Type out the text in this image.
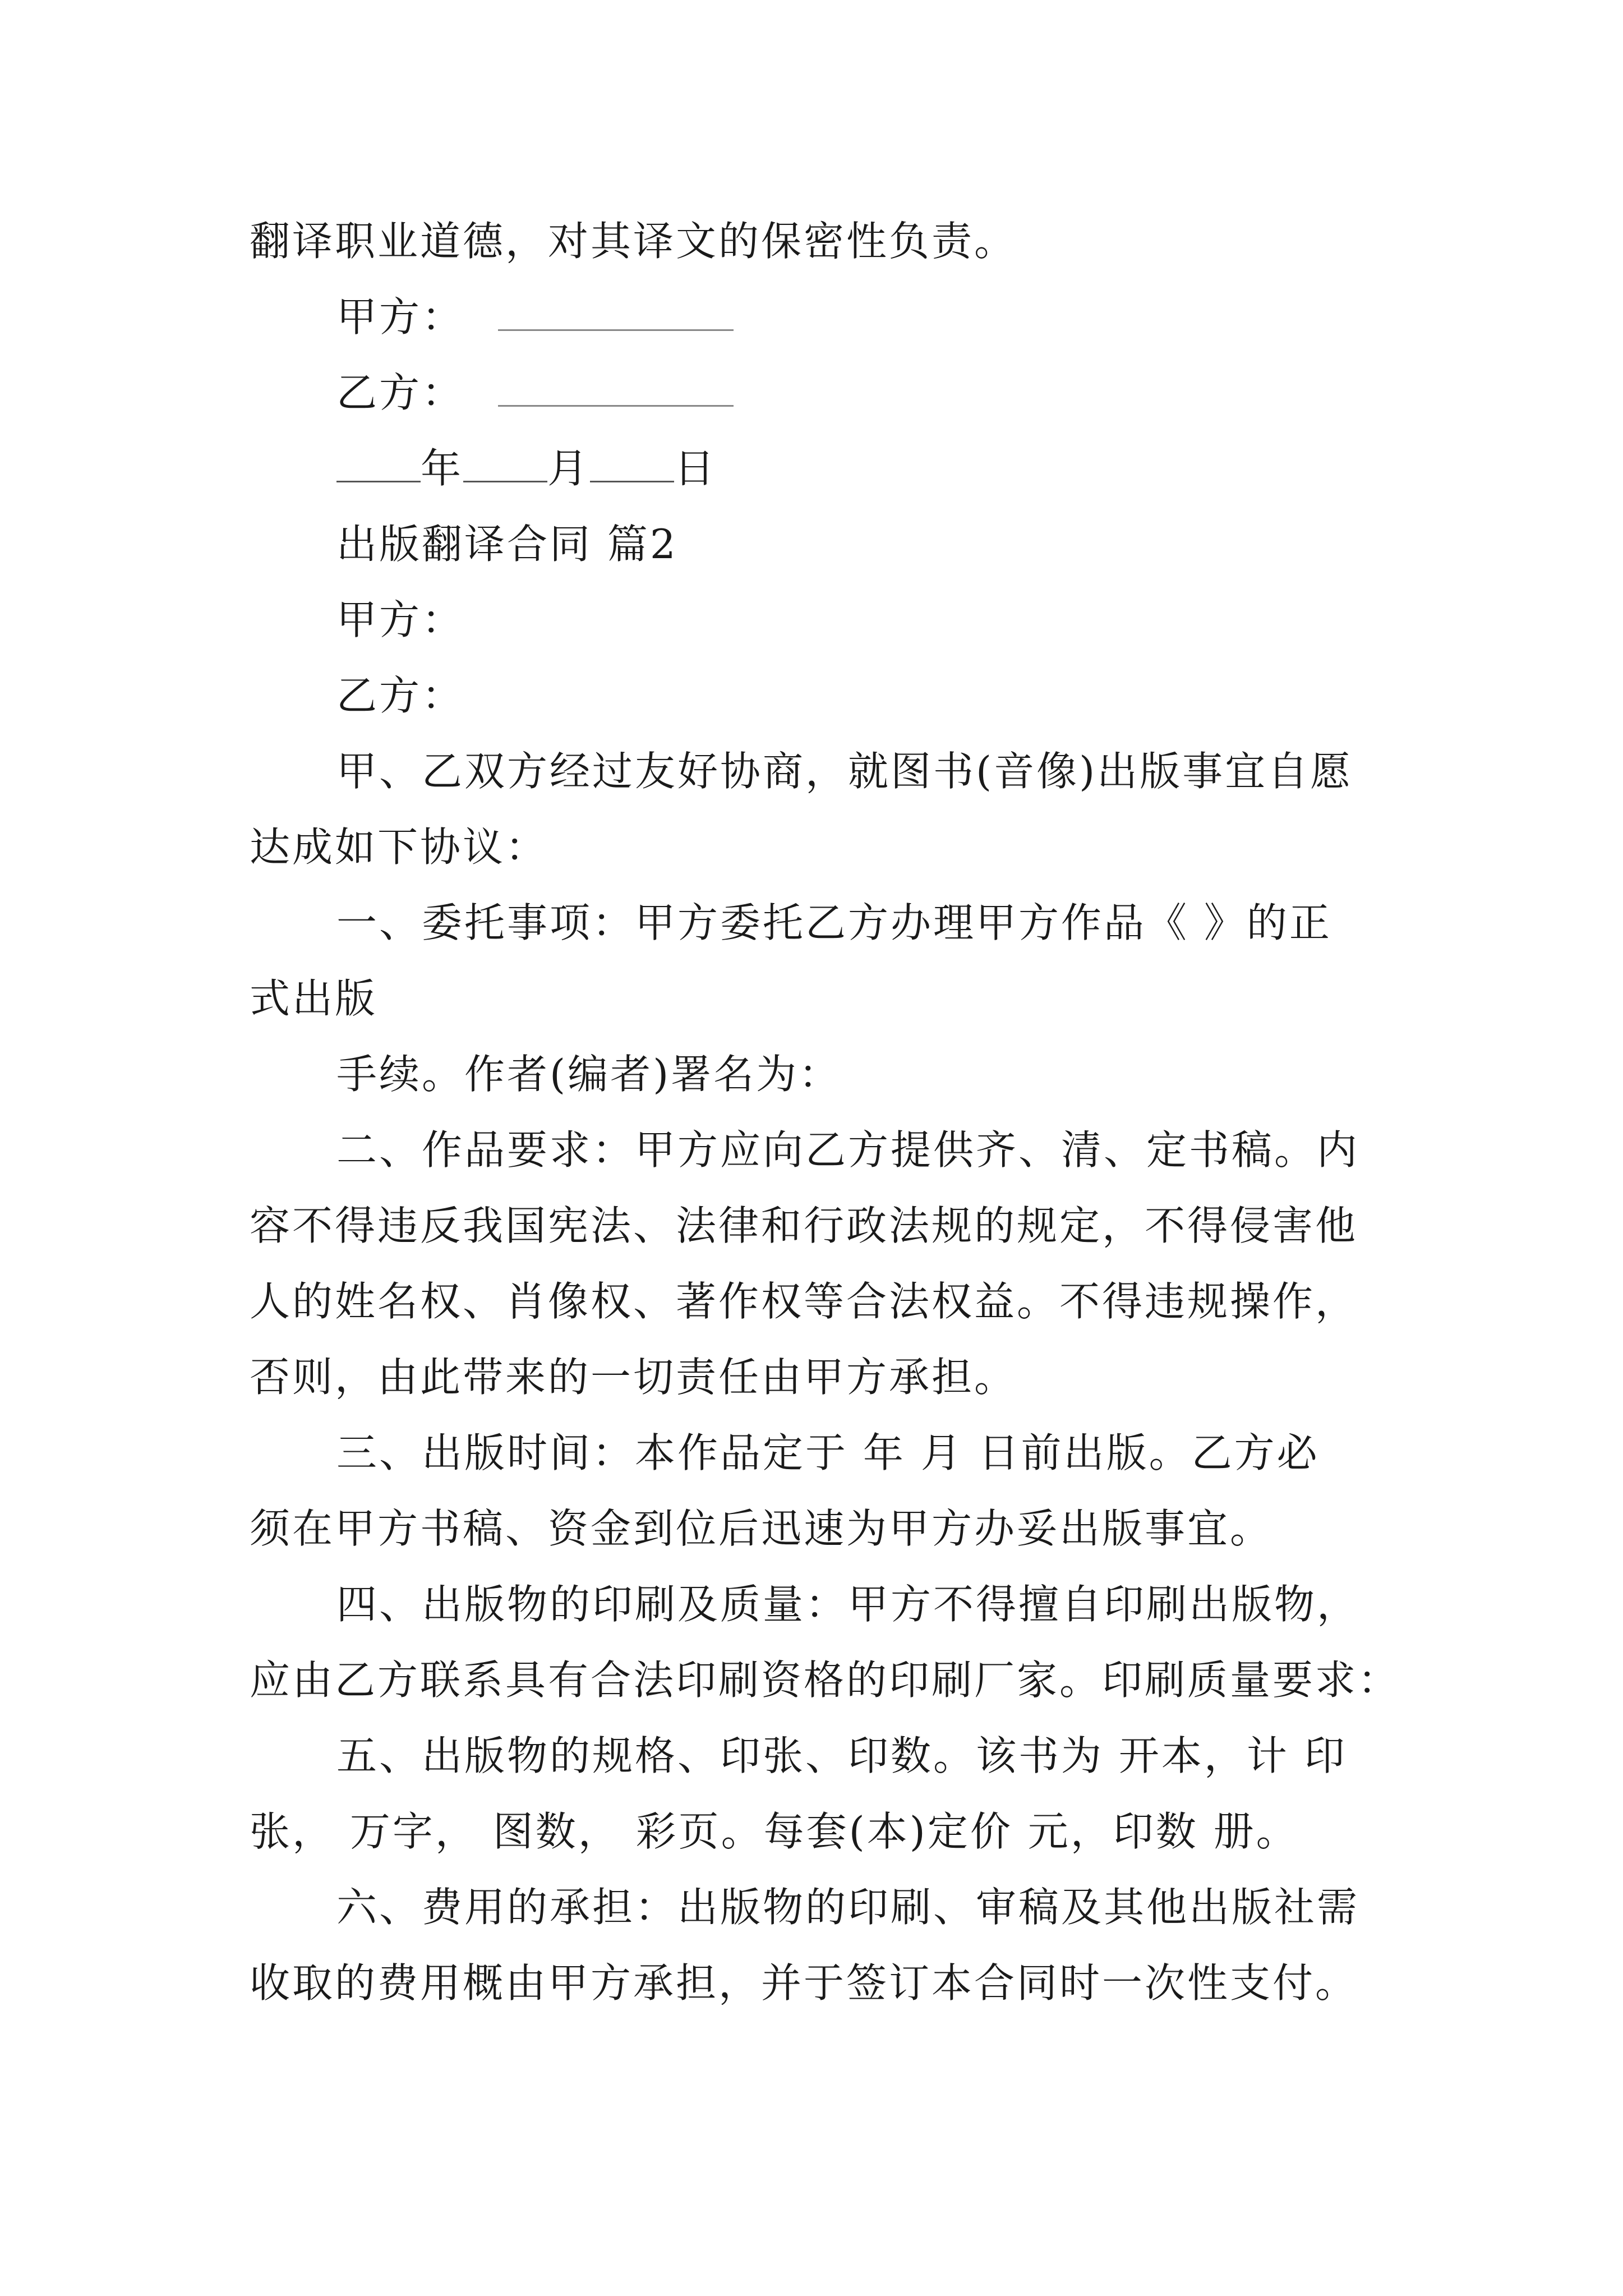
翻译职业道德，对其译文的保密性负责。
甲方：
乙方：
年 月 日
出版翻译合同 篇2
甲方：
乙方：
甲、乙双方经过友好协商，就图书(音像)出版事宜自愿
达成如下协议：
一、委托事项：甲方委托乙方办理甲方作品《 》的正
式出版
手续。作者(编者)署名为：
二、作品要求：甲方应向乙方提供齐、清、定书稿。内
容不得违反我国宪法、法律和行政法规的规定，不得侵害他
人的姓名权、肖像权、著作权等合法权益。不得违规操作，
否则，由此带来的一切责任由甲方承担。
三、出版时间：本作品定于 年 月 日前出版。乙方必
须在甲方书稿、资金到位后迅速为甲方办妥出版事宜。
四、出版物的印刷及质量：甲方不得擅自印刷出版物，
应由乙方联系具有合法印刷资格的印刷厂家。印刷质量要求：
五、出版物的规格、印张、印数。该书为 开本，计 印
张， 万字， 图数， 彩页。每套(本)定价 元，印数 册。
六、费用的承担：出版物的印刷、审稿及其他出版社需
收取的费用概由甲方承担，并于签订本合同时一次性支付。
